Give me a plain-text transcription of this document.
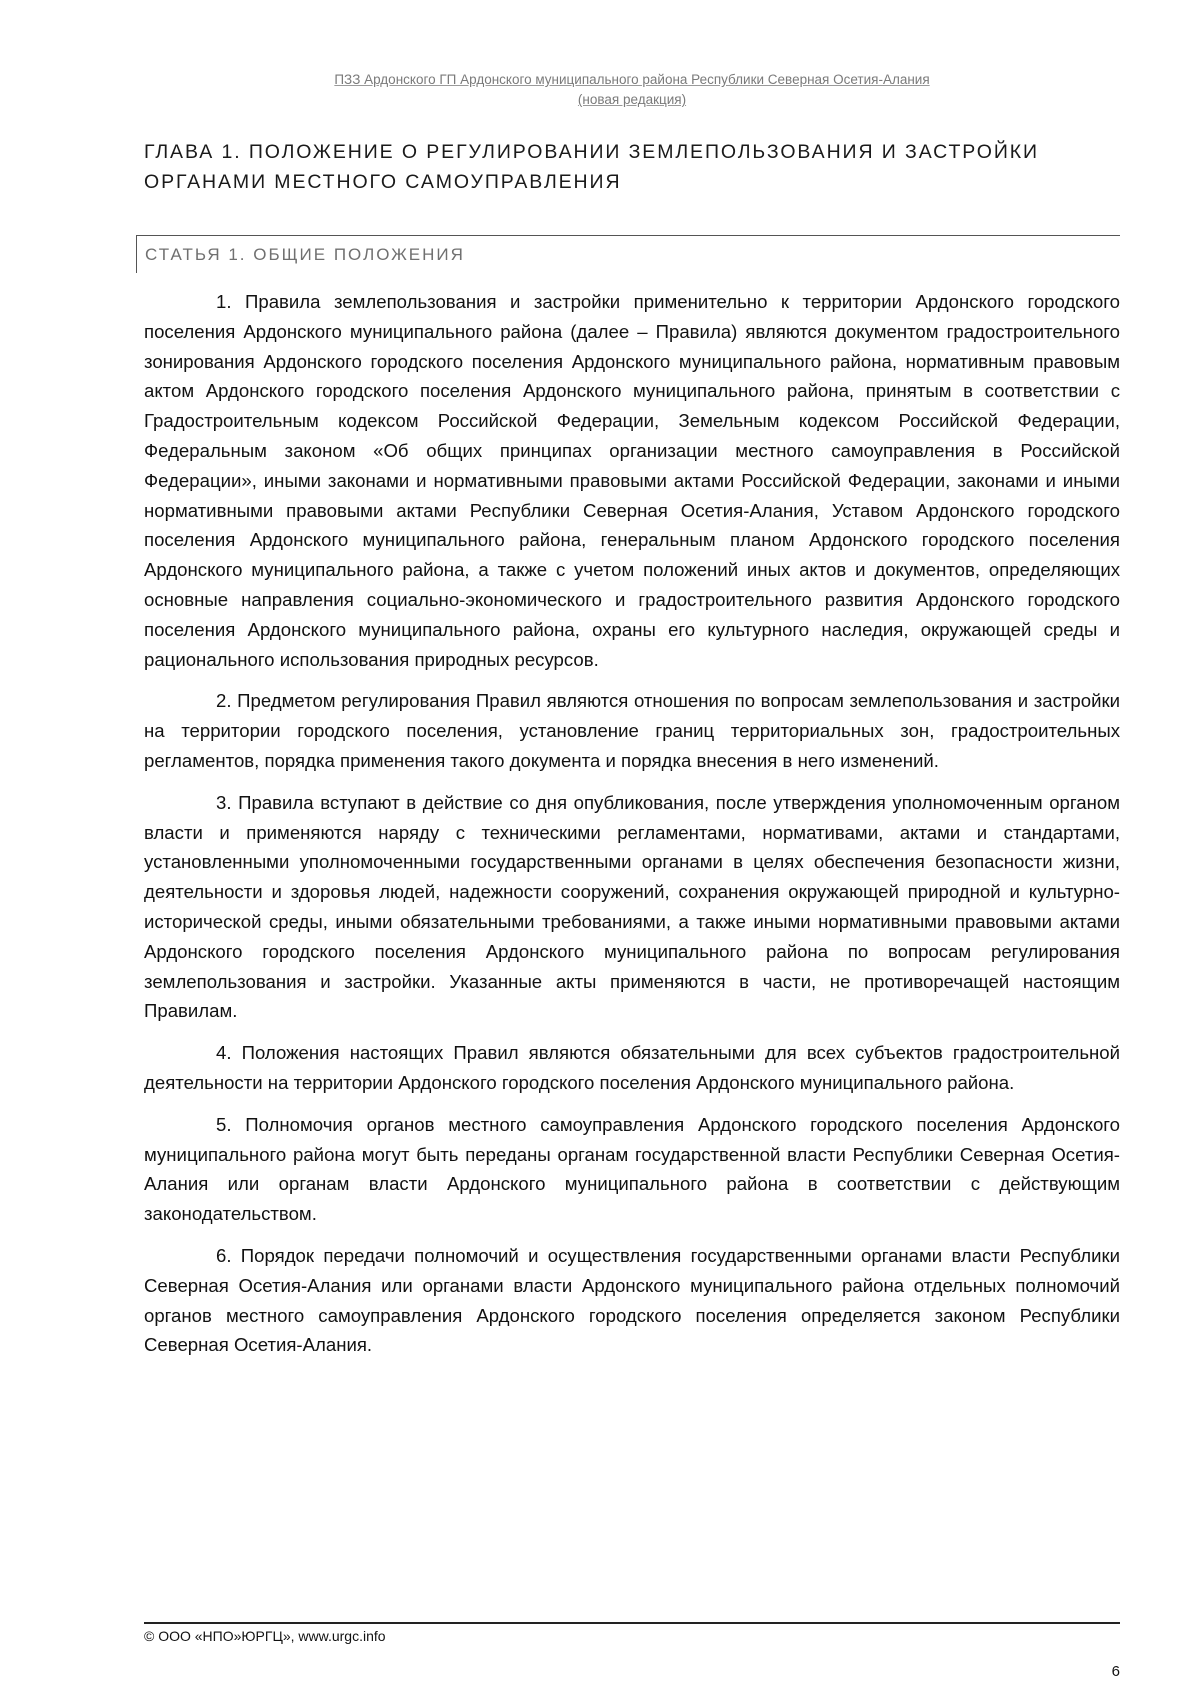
ПЗЗ Ардонского ГП Ардонского муниципального района Республики Северная Осетия-Алания
(новая редакция)
ГЛАВА 1. ПОЛОЖЕНИЕ О РЕГУЛИРОВАНИИ ЗЕМЛЕПОЛЬЗОВАНИЯ И ЗАСТРОЙКИ ОРГАНАМИ МЕСТНОГО САМОУПРАВЛЕНИЯ
СТАТЬЯ 1. ОБЩИЕ ПОЛОЖЕНИЯ

1. Правила землепользования и застройки применительно к территории Ардонского городского поселения Ардонского муниципального района (далее – Правила) являются документом градостроительного зонирования Ардонского городского поселения Ардонского муниципального района, нормативным правовым актом Ардонского городского поселения Ардонского муниципального района, принятым в соответствии с Градостроительным кодексом Российской Федерации, Земельным кодексом Российской Федерации, Федеральным законом «Об общих принципах организации местного самоуправления в Российской Федерации», иными законами и нормативными правовыми актами Российской Федерации, законами и иными нормативными правовыми актами Республики Северная Осетия-Алания, Уставом Ардонского городского поселения Ардонского муниципального района, генеральным планом Ардонского городского поселения Ардонского муниципального района, а также с учетом положений иных актов и документов, определяющих основные направления социально-экономического и градостроительного развития Ардонского городского поселения Ардонского муниципального района, охраны его культурного наследия, окружающей среды и рационального использования природных ресурсов.

2. Предметом регулирования Правил являются отношения по вопросам землепользования и застройки на территории городского поселения, установление границ территориальных зон, градостроительных регламентов, порядка применения такого документа и порядка внесения в него изменений.

3. Правила вступают в действие со дня опубликования, после утверждения уполномоченным органом власти и применяются наряду с техническими регламентами, нормативами, актами и стандартами, установленными уполномоченными государственными органами в целях обеспечения безопасности жизни, деятельности и здоровья людей, надежности сооружений, сохранения окружающей природной и культурно-исторической среды, иными обязательными требованиями, а также иными нормативными правовыми актами Ардонского городского поселения Ардонского муниципального района по вопросам регулирования землепользования и застройки. Указанные акты применяются в части, не противоречащей настоящим Правилам.

4. Положения настоящих Правил являются обязательными для всех субъектов градостроительной деятельности на территории Ардонского городского поселения Ардонского муниципального района.

5. Полномочия органов местного самоуправления Ардонского городского поселения Ардонского муниципального района могут быть переданы органам государственной власти Республики Северная Осетия-Алания или органам власти Ардонского муниципального района в соответствии с действующим законодательством.

6. Порядок передачи полномочий и осуществления государственными органами власти Республики Северная Осетия-Алания или органами власти Ардонского муниципального района отдельных полномочий органов местного самоуправления Ардонского городского поселения определяется законом Республики Северная Осетия-Алания.

© ООО «НПО»ЮРГЦ», www.urgc.info
6
